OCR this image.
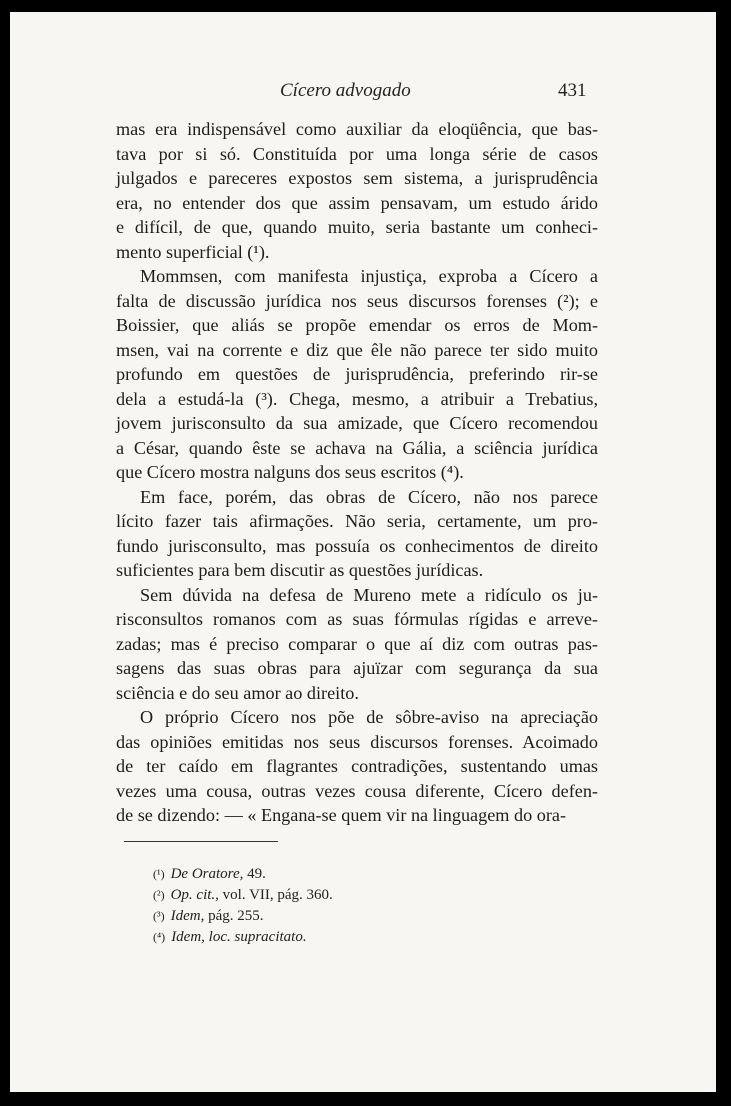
Cícero advogado	431
mas era indispensável como auxiliar da eloqüência, que bas-
tava por si só. Constituída por uma longa série de casos
julgados e pareceres expostos sem sistema, a jurisprudência
era, no entender dos que assim pensavam, um estudo árido
e difícil, de que, quando muito, seria bastante um conheci-
mento superficial (¹).
Mommsen, com manifesta injustiça, exproba a Cícero a
falta de discussão jurídica nos seus discursos forenses (²); e
Boissier, que aliás se propõe emendar os erros de Mom-
msen, vai na corrente e diz que êle não parece ter sido muito
profundo em questões de jurisprudência, preferindo rir-se
dela a estudá-la (³). Chega, mesmo, a atribuir a Trebatius,
jovem jurisconsulto da sua amizade, que Cícero recomendou
a César, quando êste se achava na Gália, a sciência jurídica
que Cícero mostra nalguns dos seus escritos (⁴).
Em face, porém, das obras de Cícero, não nos parece
lícito fazer tais afirmações. Não seria, certamente, um pro-
fundo jurisconsulto, mas possuía os conhecimentos de direito
suficientes para bem discutir as questões jurídicas.
Sem dúvida na defesa de Mureno mete a ridículo os ju-
risconsultos romanos com as suas fórmulas rígidas e arreve-
zadas; mas é preciso comparar o que aí diz com outras pas-
sagens das suas obras para ajuïzar com segurança da sua
sciência e do seu amor ao direito.
O próprio Cícero nos põe de sôbre-aviso na apreciação
das opiniões emitidas nos seus discursos forenses. Acoimado
de ter caído em flagrantes contradições, sustentando umas
vezes uma cousa, outras vezes cousa diferente, Cícero defen-
de se dizendo: — « Engana-se quem vir na linguagem do ora-
(¹) De Oratore, 49.
(²) Op. cit., vol. VII, pág. 360.
(³) Idem, pág. 255.
(⁴) Idem, loc. supracitato.
